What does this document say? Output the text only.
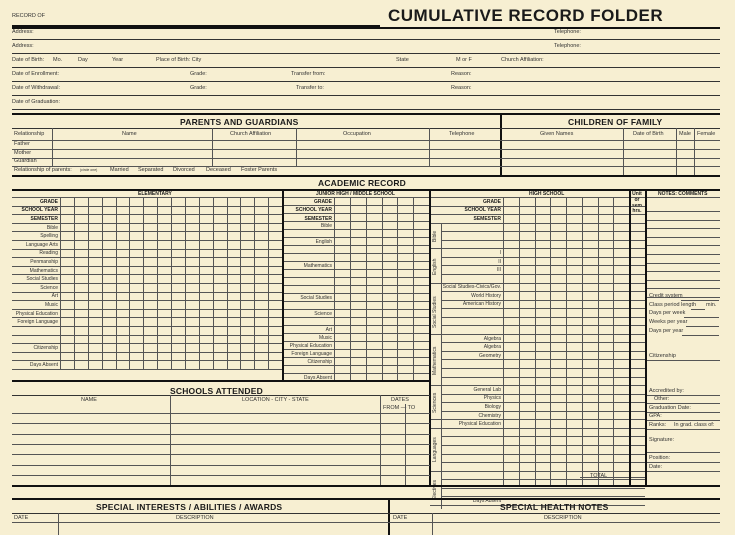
RECORD OF	CUMULATIVE RECORD FOLDER
Address:	Telephone:
Address:	Telephone:
Date of Birth: Mo.	Day	Year	Place of Birth: City	State	M or F	Church Affiliation:
Date of Enrollment:	Grade:	Transfer from:	Reason:
Date of Withdrawal:	Grade:	Transfer to:	Reason:
Date of Graduation:
PARENTS AND GUARDIANS	CHILDREN OF FAMILY
Relationship	Name	Church Affiliation	Occupation	Telephone	Given Names	Date of Birth	Male Female
Father
Mother
Guardian
Relationship of parents: (circle one) Married Separated Divorced Deceased Foster Parents
ACADEMIC RECORD
ELEMENTARY	JUNIOR HIGH / MIDDLE SCHOOL	HIGH SCHOOL	Unit or sem hrs.
NOTES: COMMENTS
GRADE
SCHOOL YEAR
SEMESTER
Bible
Spelling
Language Arts
Reading
Penmanship
Mathematics
Social Studies
Science
Art
Music
Physical Education
Foreign Language
Citizenship
Days Absent
GRADE
SCHOOL YEAR
SEMESTER
Bible
English
Mathematics
Social Studies
Science
Art
Music
Physical Education
Foreign Language
Citizenship
Days Absent
GRADE
SCHOOL YEAR
SEMESTER
Bible
I
II
III
English
Social Studies-Civics/Gov.
World History
American History
Social Studies
Algebra
Algebra
Geometry
Mathematics
General Lab
Physics
Biology
Chemistry
Sciences
Physical Education
Languages
Days Absent
Electives
Credit system
Class period length min.
Days per week
Weeks per year
Days per year
Citizenship
Accredited by:
Other:
Graduation Date:
GPA:
Ranks: In grad. class of:
Signature:
Position:
Date:
SCHOOLS ATTENDED
NAME	LOCATION - CITY - STATE	DATES
FROM — TO
SPECIAL INTERESTS / ABILITIES / AWARDS	SPECIAL HEALTH NOTES
DATE	DESCRIPTION	DATE	DESCRIPTION
TOTAL
